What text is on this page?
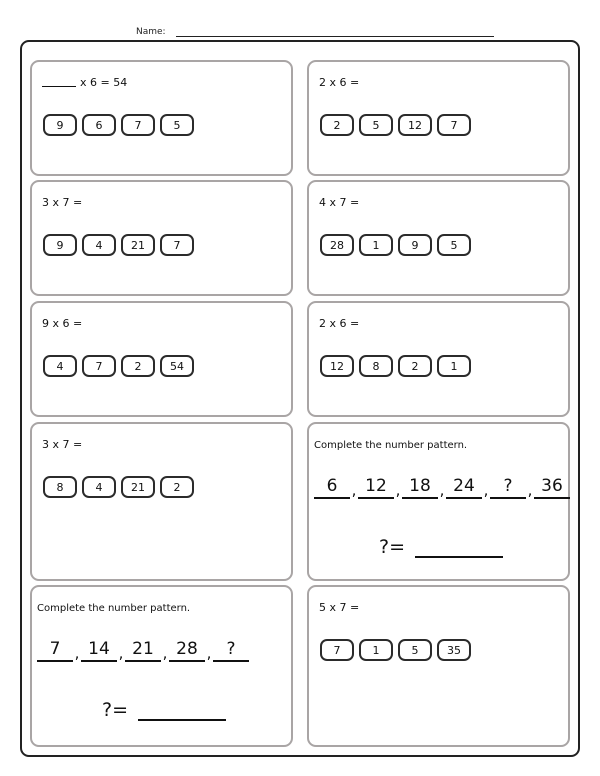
Name:
x 6 = 54
9	6	7	5
2 x 6 =
2	5	12	7
3 x 7 =
9	4	21	7
4 x 7 =
28	1	9	5
9 x 6 =
4	7	2	54
2 x 6 =
12	8	2	1
3 x 7 =
8	4	21	2
Complete the number pattern.
6 , 12 , 18 , 24 , ?	, 36
?=
Complete the number pattern.
7 , 14 , 21 , 28 , ?
?=
5 x 7 =
7	1	5	35
